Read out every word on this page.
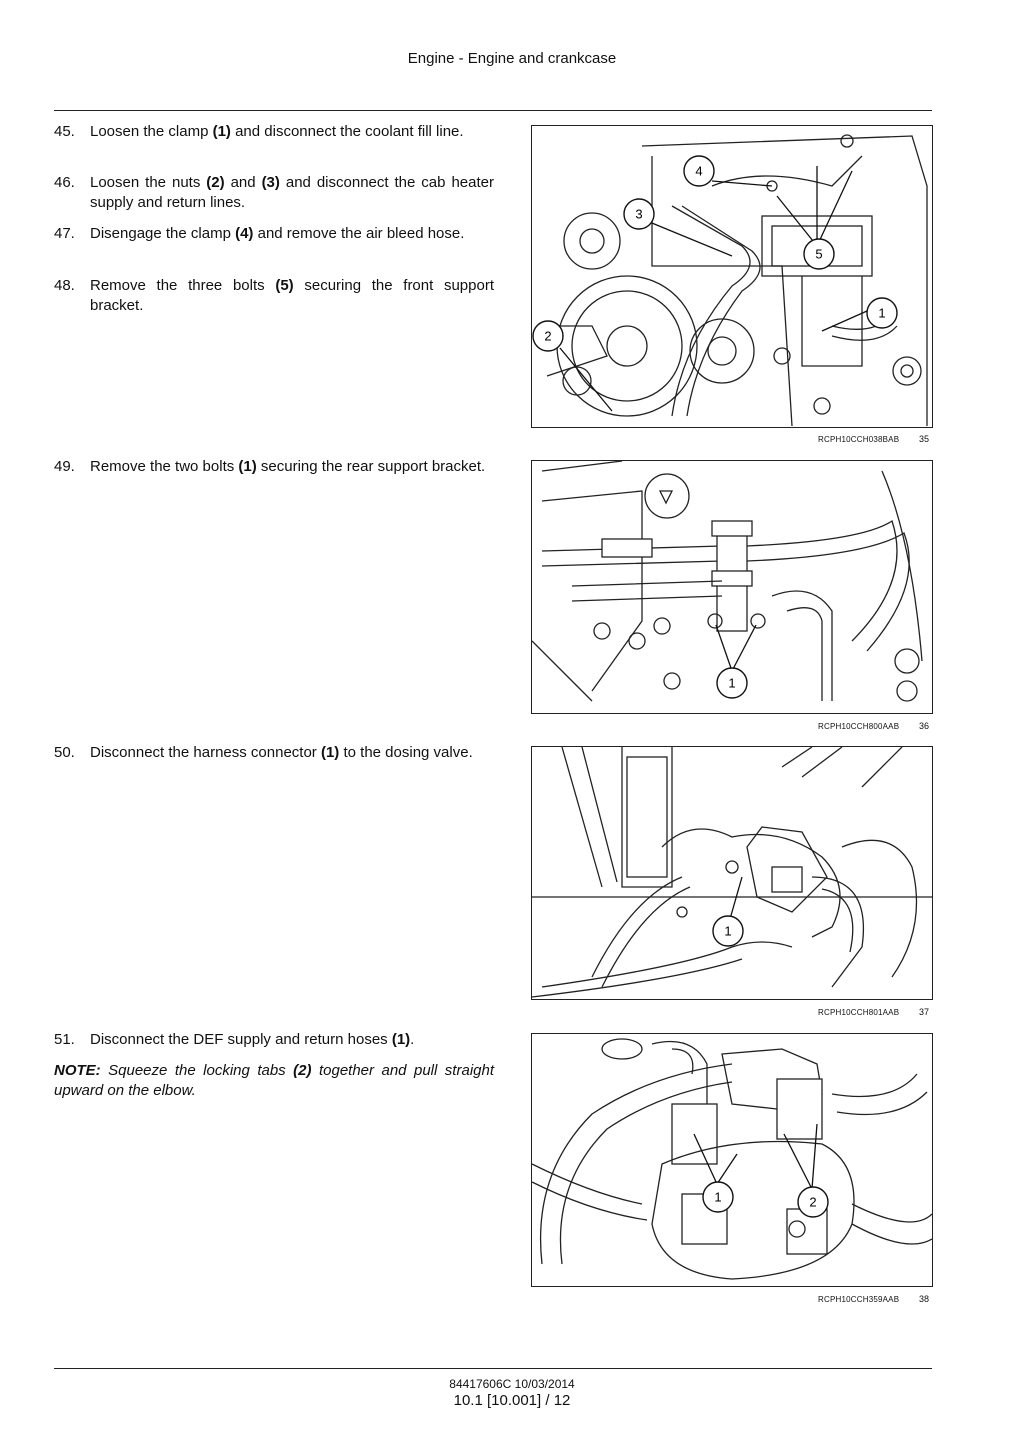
Engine - Engine and crankcase
45. Loosen the clamp (1) and disconnect the coolant fill line.
46. Loosen the nuts (2) and (3) and disconnect the cab heater supply and return lines.
47. Disengage the clamp (4) and remove the air bleed hose.
48. Remove the three bolts (5) securing the front support bracket.
4
3
5
1
2
RCPH10CCH038BAB 35
49. Remove the two bolts (1) securing the rear support bracket.
1
RCPH10CCH800AAB 36
50. Disconnect the harness connector (1) to the dosing valve.
1
RCPH10CCH801AAB 37
51. Disconnect the DEF supply and return hoses (1).
NOTE: Squeeze the locking tabs (2) together and pull straight upward on the elbow.
1	2
RCPH10CCH359AAB 38
84417606C 10/03/2014
10.1 [10.001] / 12
